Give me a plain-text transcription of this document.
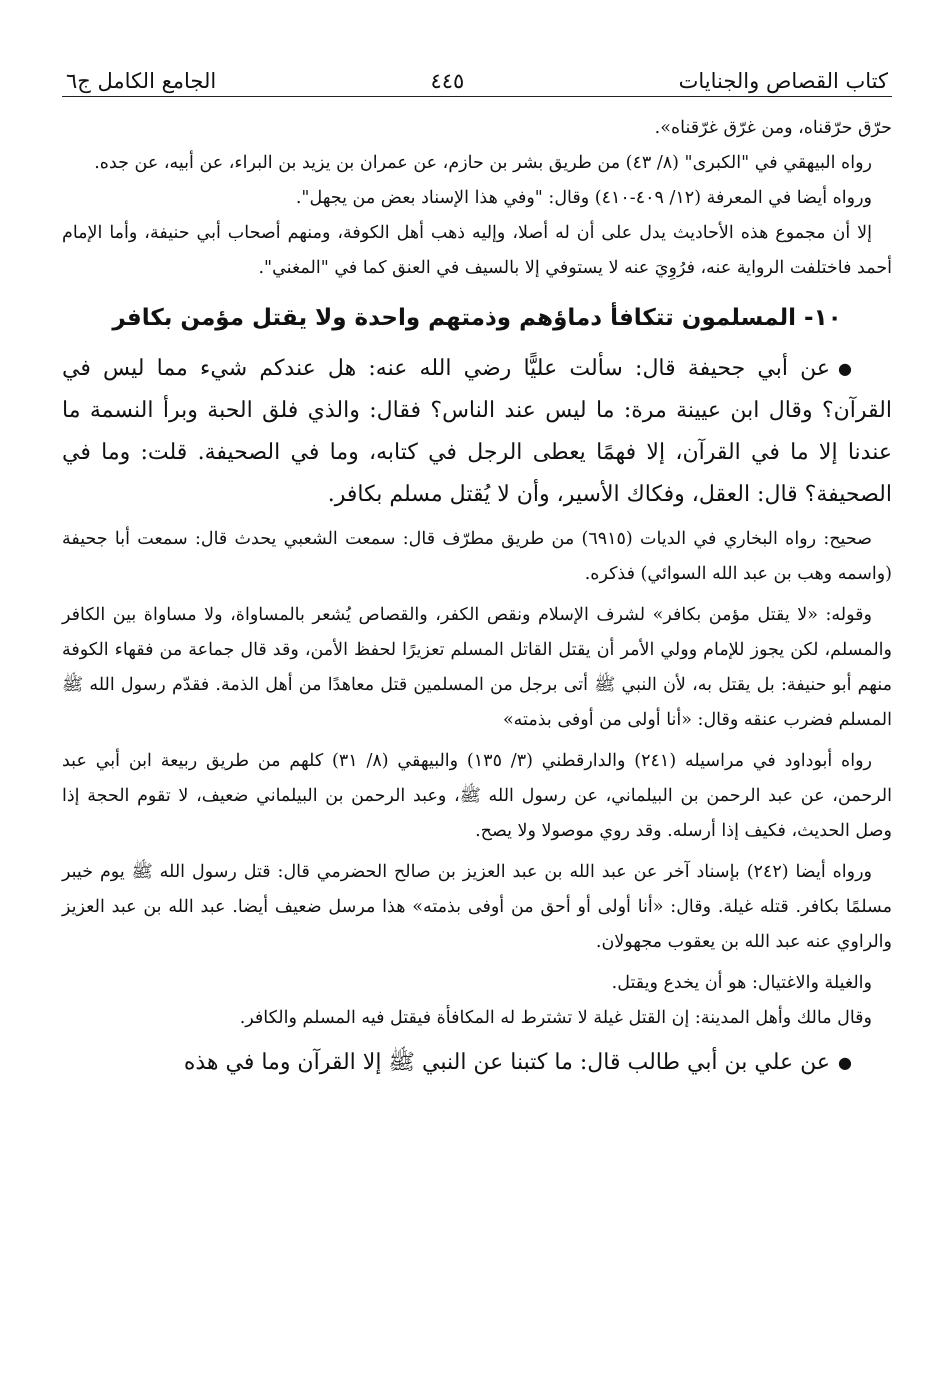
كتاب القصاص والجنايات
٤٤٥
الجامع الكامل ج٦

حرّق حرّقناه، ومن غرّق غرّقناه».

رواه البيهقي في "الكبرى" (٨/ ٤٣) من طريق بشر بن حازم، عن عمران بن يزيد بن البراء، عن أبيه، عن جده.

ورواه أيضا في المعرفة (١٢/ ٤٠٩-٤١٠) وقال: "وفي هذا الإسناد بعض من يجهل".

إلا أن مجموع هذه الأحاديث يدل على أن له أصلا، وإليه ذهب أهل الكوفة، ومنهم أصحاب أبي حنيفة، وأما الإمام أحمد فاختلفت الرواية عنه، فرُوِيَ عنه لا يستوفي إلا بالسيف في العنق كما في "المغني".

١٠- المسلمون تتكافأ دماؤهم وذمتهم واحدة ولا يقتل مؤمن بكافر

●عن أبي جحيفة قال: سألت عليًّا رضي الله عنه: هل عندكم شيء مما ليس في القرآن؟ وقال ابن عيينة مرة: ما ليس عند الناس؟ فقال: والذي فلق الحبة وبرأ النسمة ما عندنا إلا ما في القرآن، إلا فهمًا يعطى الرجل في كتابه، وما في الصحيفة. قلت: وما في الصحيفة؟ قال: العقل، وفكاك الأسير، وأن لا يُقتل مسلم بكافر.

صحيح: رواه البخاري في الديات (٦٩١٥) من طريق مطرّف قال: سمعت الشعبي يحدث قال: سمعت أبا جحيفة (واسمه وهب بن عبد الله السوائي) فذكره.

وقوله: «لا يقتل مؤمن بكافر» لشرف الإسلام ونقص الكفر، والقصاص يُشعر بالمساواة، ولا مساواة بين الكافر والمسلم، لكن يجوز للإمام وولي الأمر أن يقتل القاتل المسلم تعزيرًا لحفظ الأمن، وقد قال جماعة من فقهاء الكوفة منهم أبو حنيفة: بل يقتل به، لأن النبي ﷺ أتى برجل من المسلمين قتل معاهدًا من أهل الذمة. فقدّم رسول الله ﷺ المسلم فضرب عنقه وقال: «أنا أولى من أوفى بذمته»

رواه أبوداود في مراسيله (٢٤١) والدارقطني (٣/ ١٣٥) والبيهقي (٨/ ٣١) كلهم من طريق ربيعة ابن أبي عبد الرحمن، عن عبد الرحمن بن البيلماني، عن رسول الله ﷺ، وعبد الرحمن بن البيلماني ضعيف، لا تقوم الحجة إذا وصل الحديث، فكيف إذا أرسله. وقد روي موصولا ولا يصح.

ورواه أيضا (٢٤٢) بإسناد آخر عن عبد الله بن عبد العزيز بن صالح الحضرمي قال: قتل رسول الله ﷺ يوم خيبر مسلمًا بكافر. قتله غيلة. وقال: «أنا أولى أو أحق من أوفى بذمته» هذا مرسل ضعيف أيضا. عبد الله بن عبد العزيز والراوي عنه عبد الله بن يعقوب مجهولان.

والغيلة والاغتيال: هو أن يخدع ويقتل.

وقال مالك وأهل المدينة: إن القتل غيلة لا تشترط له المكافأة فيقتل فيه المسلم والكافر.

●عن علي بن أبي طالب قال: ما كتبنا عن النبي ﷺ إلا القرآن وما في هذه
